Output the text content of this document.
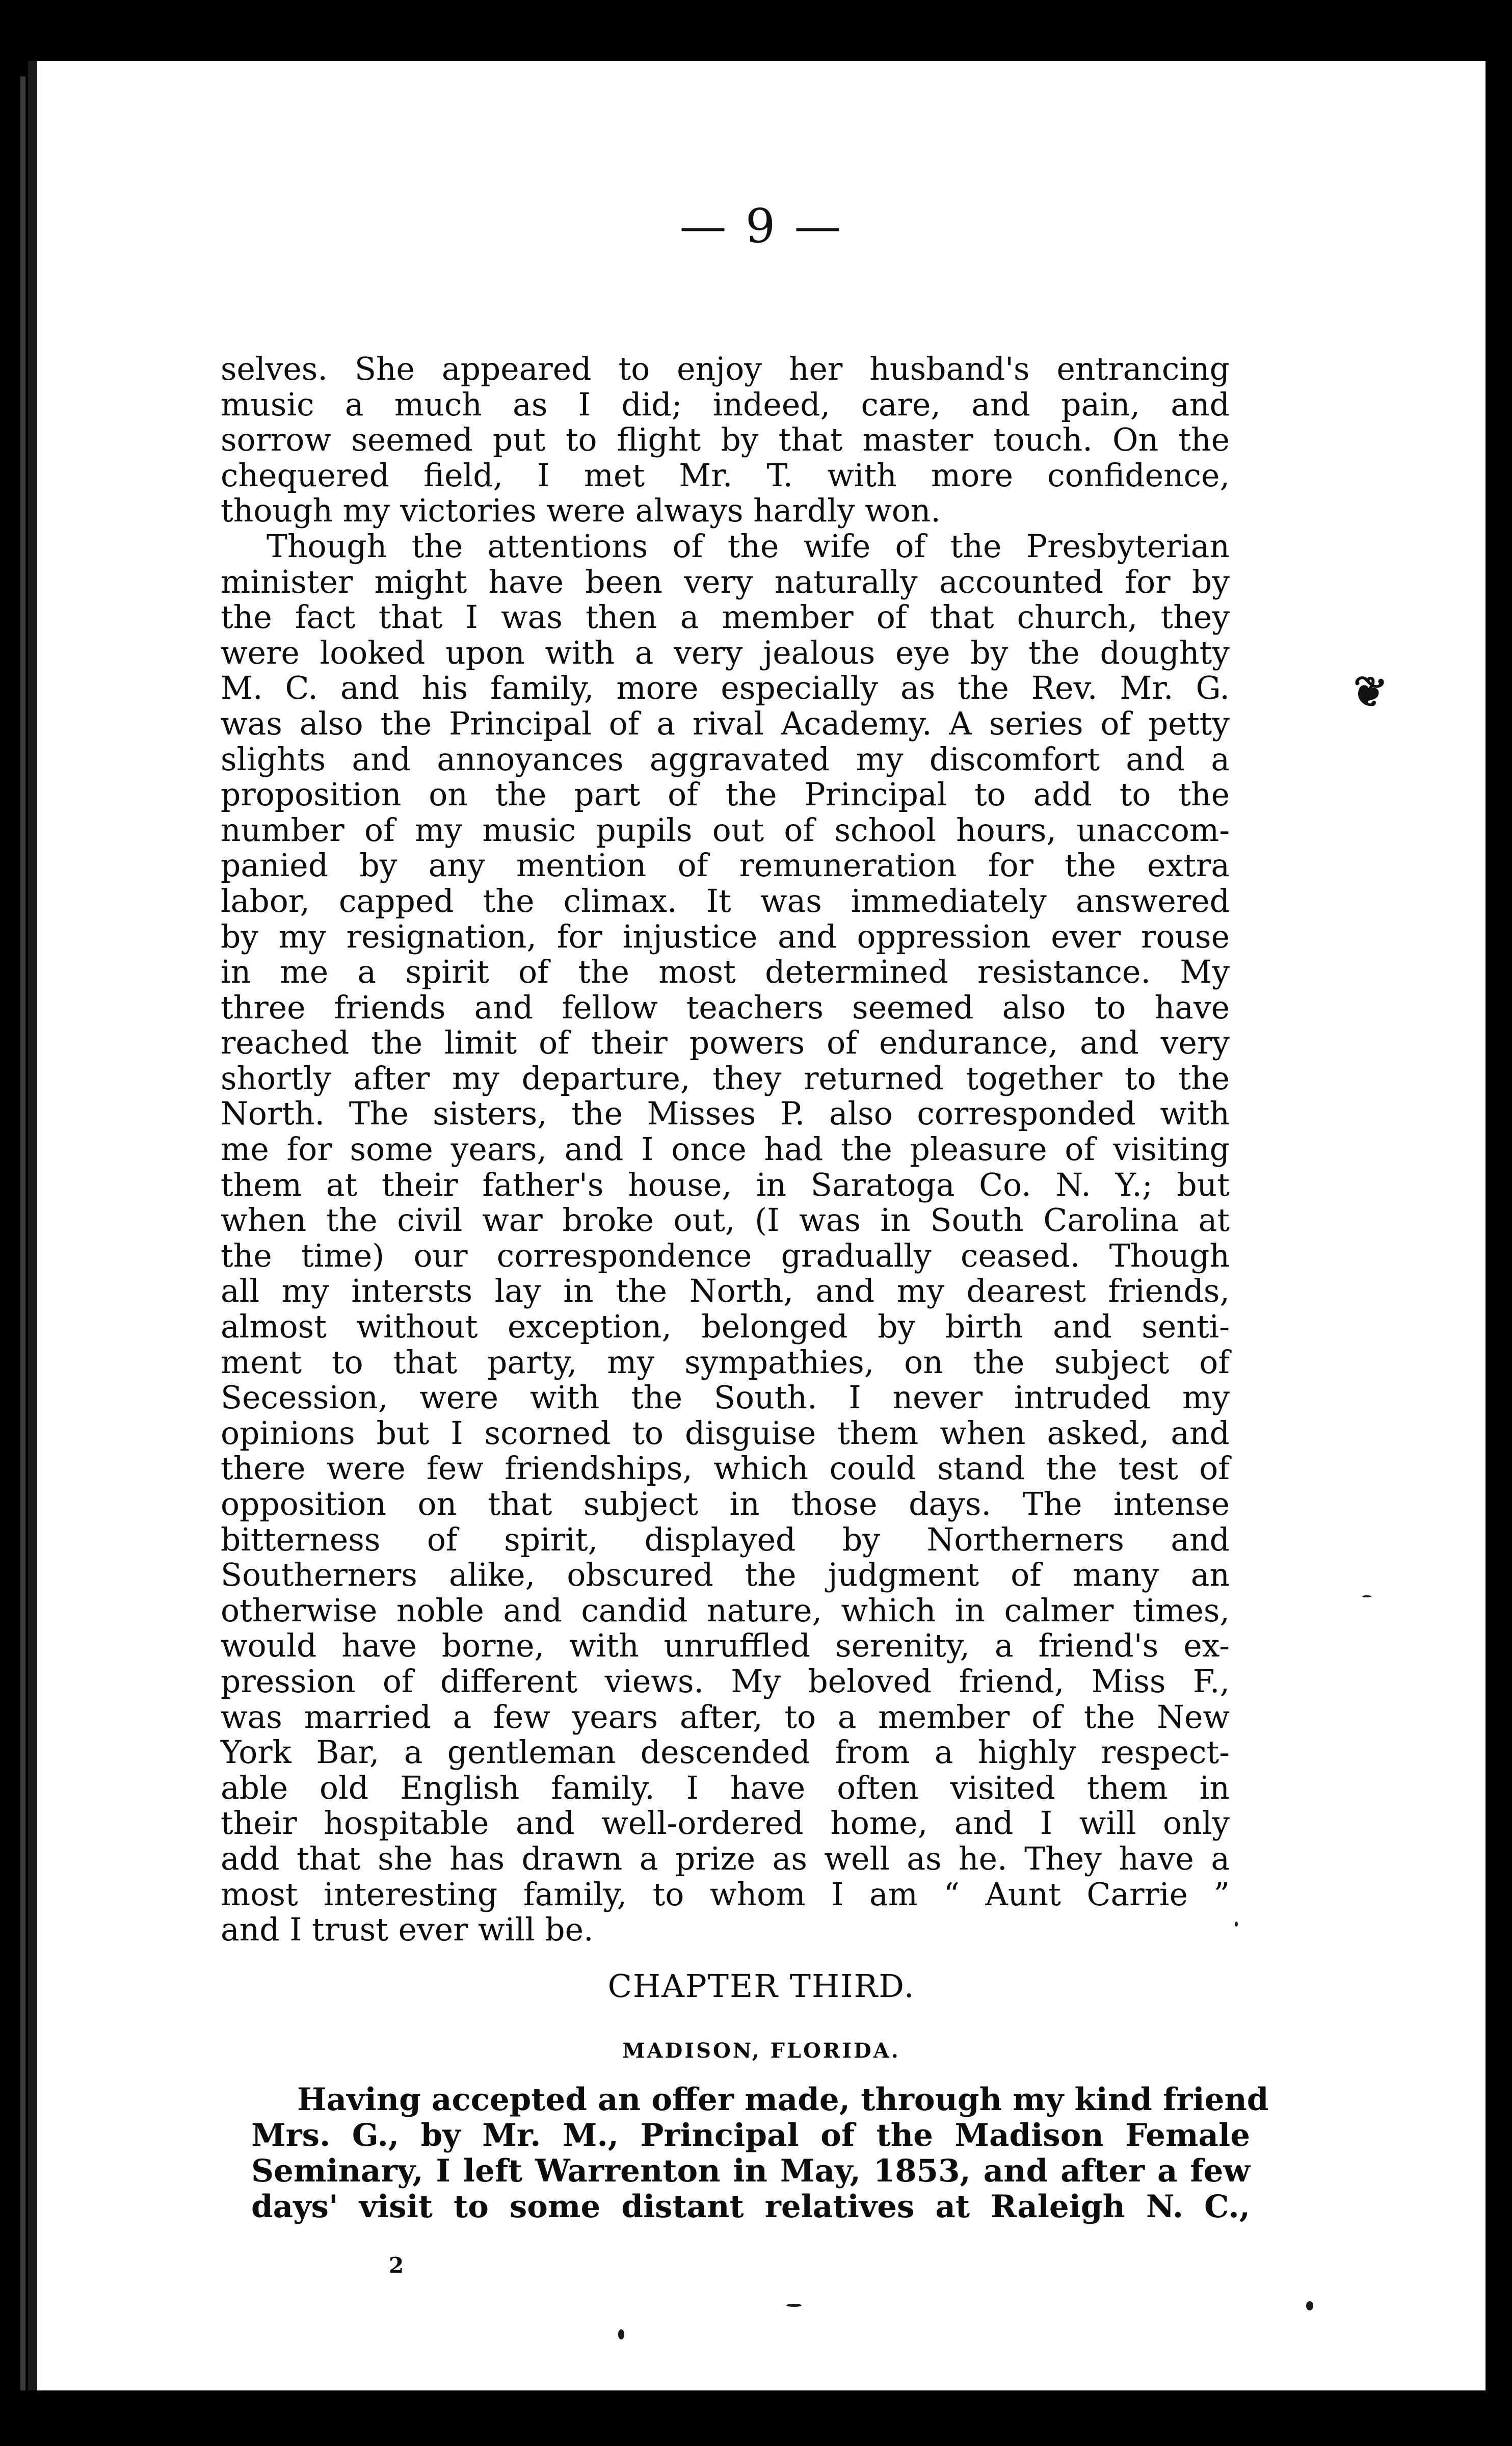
— 9 —
selves. She appeared to enjoy her husband's entrancing
music a much as I did; indeed, care, and pain, and
sorrow seemed put to flight by that master touch. On the
chequered field, I met Mr. T. with more confidence,
though my victories were always hardly won.
Though the attentions of the wife of the Presbyterian
minister might have been very naturally accounted for by
the fact that I was then a member of that church, they
were looked upon with a very jealous eye by the doughty
M. C. and his family, more especially as the Rev. Mr. G.
was also the Principal of a rival Academy. A series of petty
slights and annoyances aggravated my discomfort and a
proposition on the part of the Principal to add to the
number of my music pupils out of school hours, unaccom-
panied by any mention of remuneration for the extra
labor, capped the climax. It was immediately answered
by my resignation, for injustice and oppression ever rouse
in me a spirit of the most determined resistance. My
three friends and fellow teachers seemed also to have
reached the limit of their powers of endurance, and very
shortly after my departure, they returned together to the
North. The sisters, the Misses P. also corresponded with
me for some years, and I once had the pleasure of visiting
them at their father's house, in Saratoga Co. N. Y.; but
when the civil war broke out, (I was in South Carolina at
the time) our correspondence gradually ceased. Though
all my intersts lay in the North, and my dearest friends,
almost without exception, belonged by birth and senti-
ment to that party, my sympathies, on the subject of
Secession, were with the South. I never intruded my
opinions but I scorned to disguise them when asked, and
there were few friendships, which could stand the test of
opposition on that subject in those days. The intense
bitterness of spirit, displayed by Northerners and
Southerners alike, obscured the judgment of many an
otherwise noble and candid nature, which in calmer times,
would have borne, with unruffled serenity, a friend's ex-
pression of different views. My beloved friend, Miss F.,
was married a few years after, to a member of the New
York Bar, a gentleman descended from a highly respect-
able old English family. I have often visited them in
their hospitable and well-ordered home, and I will only
add that she has drawn a prize as well as he. They have a
most interesting family, to whom I am “ Aunt Carrie ”
and I trust ever will be.
❦
CHAPTER THIRD.
MADISON, FLORIDA.
Having accepted an offer made, through my kind friend
Mrs. G., by Mr. M., Principal of the Madison Female
Seminary, I left Warrenton in May, 1853, and after a few
days' visit to some distant relatives at Raleigh N. C.,
2
